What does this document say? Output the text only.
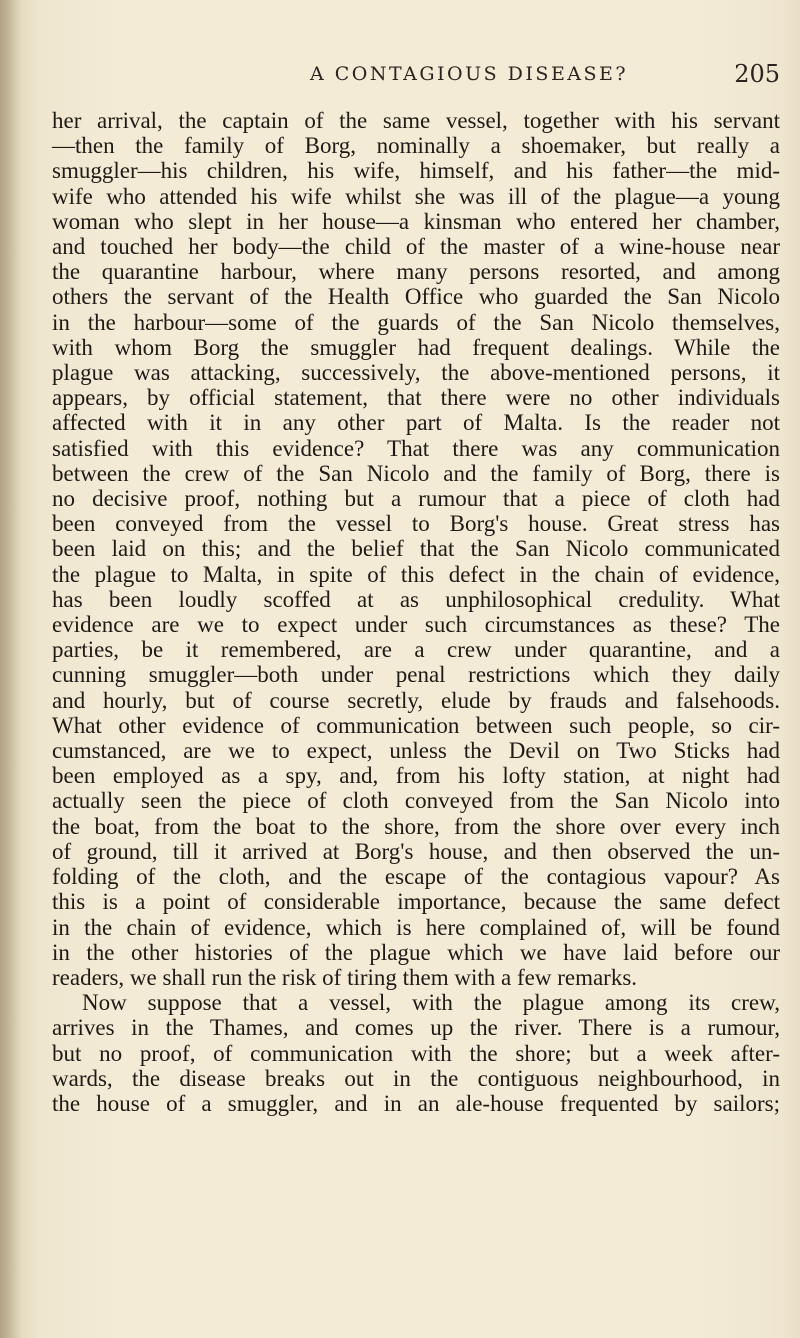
A CONTAGIOUS DISEASE?	205

her arrival, the captain of the same vessel, together with his servant

—then the family of Borg, nominally a shoemaker, but really a

smuggler—his children, his wife, himself, and his father—the mid-

wife who attended his wife whilst she was ill of the plague—a young

woman who slept in her house—a kinsman who entered her chamber,

and touched her body—the child of the master of a wine-house near

the quarantine harbour, where many persons resorted, and among

others the servant of the Health Office who guarded the San Nicolo

in the harbour—some of the guards of the San Nicolo themselves,

with whom Borg the smuggler had frequent dealings. While the

plague was attacking, successively, the above-mentioned persons, it

appears, by official statement, that there were no other individuals

affected with it in any other part of Malta. Is the reader not

satisfied with this evidence? That there was any communication

between the crew of the San Nicolo and the family of Borg, there is

no decisive proof, nothing but a rumour that a piece of cloth had

been conveyed from the vessel to Borg's house. Great stress has

been laid on this; and the belief that the San Nicolo communicated

the plague to Malta, in spite of this defect in the chain of evidence,

has been loudly scoffed at as unphilosophical credulity. What

evidence are we to expect under such circumstances as these? The

parties, be it remembered, are a crew under quarantine, and a

cunning smuggler—both under penal restrictions which they daily

and hourly, but of course secretly, elude by frauds and falsehoods.

What other evidence of communication between such people, so cir-

cumstanced, are we to expect, unless the Devil on Two Sticks had

been employed as a spy, and, from his lofty station, at night had

actually seen the piece of cloth conveyed from the San Nicolo into

the boat, from the boat to the shore, from the shore over every inch

of ground, till it arrived at Borg's house, and then observed the un-

folding of the cloth, and the escape of the contagious vapour? As

this is a point of considerable importance, because the same defect

in the chain of evidence, which is here complained of, will be found

in the other histories of the plague which we have laid before our

readers, we shall run the risk of tiring them with a few remarks.

Now suppose that a vessel, with the plague among its crew,

arrives in the Thames, and comes up the river. There is a rumour,

but no proof, of communication with the shore; but a week after-

wards, the disease breaks out in the contiguous neighbourhood, in

the house of a smuggler, and in an ale-house frequented by sailors;
